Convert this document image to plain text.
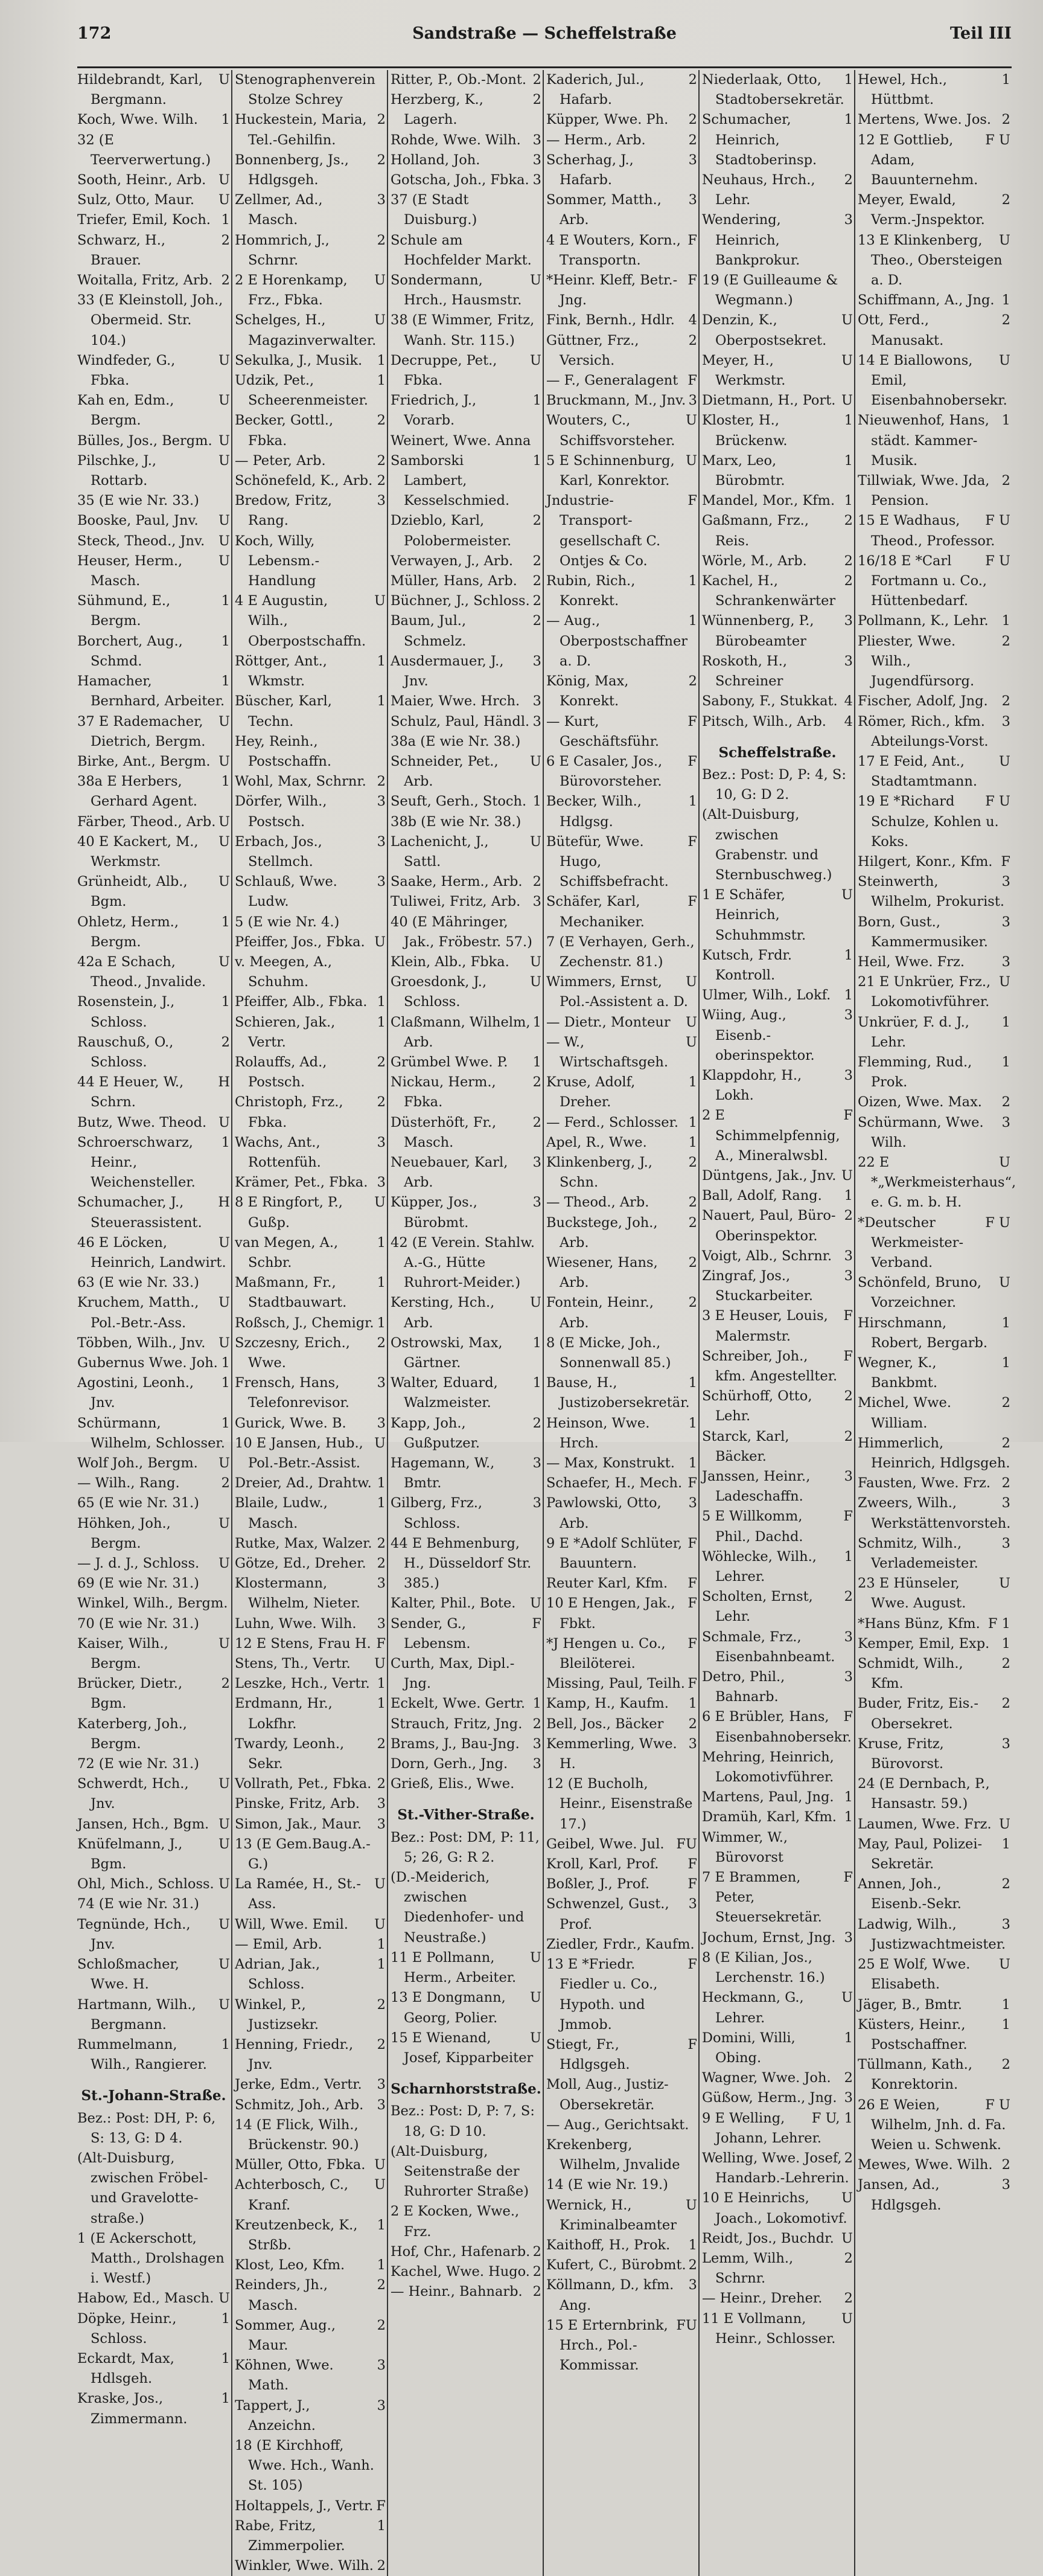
172	Sandstraße — Scheffelstraße	Teil III
U
Hildebrandt, Karl, Bergmann.
1
Koch, Wwe. Wilh.
32 (E Teerverwertung.)
U
Sooth, Heinr., Arb.
U
Sulz, Otto, Maur.
1
Triefer, Emil, Koch.
2
Schwarz, H., Brauer.
2
Woitalla, Fritz, Arb.
33 (E Kleinstoll, Joh., Obermeid. Str. 104.)
U
Windfeder, G., Fbka.
U
Kah en, Edm., Bergm.
U
Bülles, Jos., Bergm.
U
Pilschke, J., Rottarb.
35 (E wie Nr. 33.)
U
Booske, Paul, Jnv.
U
Steck, Theod., Jnv.
U
Heuser, Herm., Masch.
1
Sühmund, E., Bergm.
1
Borchert, Aug., Schmd.
1
Hamacher, Bernhard, Arbeiter.
U
37 E Rademacher, Dietrich, Bergm.
U
Birke, Ant., Bergm.
1
38a E Herbers, Gerhard Agent.
U
Färber, Theod., Arb.
U
40 E Kackert, M., Werkmstr.
U
Grünheidt, Alb., Bgm.
1
Ohletz, Herm., Bergm.
U
42a E Schach, Theod., Jnvalide.
1
Rosenstein, J., Schloss.
2
Rauschuß, O., Schloss.
H
44 E Heuer, W., Schrn.
U
Butz, Wwe. Theod.
1
Schroerschwarz, Heinr., Weichensteller.
H
Schumacher, J., Steuerassistent.
U
46 E Löcken, Heinrich, Landwirt.
63 (E wie Nr. 33.)
U
Kruchem, Matth., Pol.-Betr.-Ass.
U
Többen, Wilh., Jnv.
1
Gubernus Wwe. Joh.
1
Agostini, Leonh., Jnv.
1
Schürmann, Wilhelm, Schlosser.
U
Wolf Joh., Bergm.
2
— Wilh., Rang.
65 (E wie Nr. 31.)
U
Höhken, Joh., Bergm.
U
— J. d. J., Schloss.
69 (E wie Nr. 31.)
Winkel, Wilh., Bergm.
70 (E wie Nr. 31.)
U
Kaiser, Wilh., Bergm.
2
Brücker, Dietr., Bgm.
Katerberg, Joh., Bergm.
72 (E wie Nr. 31.)
U
Schwerdt, Hch., Jnv.
U
Jansen, Hch., Bgm.
U
Knüfelmann, J., Bgm.
U
Ohl, Mich., Schloss.
74 (E wie Nr. 31.)
U
Tegnünde, Hch., Jnv.
U
Schloßmacher, Wwe. H.
U
Hartmann, Wilh., Bergmann.
1
Rummelmann, Wilh., Rangierer.
St.-Johann-Straße.
Bez.: Post: DH, P: 6, S: 13, G: D 4.
(Alt-Duisburg, zwischen Fröbel- und Gravelotte-straße.)
1 (E Ackerschott, Matth., Drolshagen i. Westf.)
U
Habow, Ed., Masch.
1
Döpke, Heinr., Schloss.
1
Eckardt, Max, Hdlsgeh.
1
Kraske, Jos., Zimmermann.
Stenographenverein Stolze Schrey
2
Huckestein, Maria, Tel.-Gehilfin.
2
Bonnenberg, Js., Hdlgsgeh.
3
Zellmer, Ad., Masch.
2
Hommrich, J., Schrnr.
U
2 E Horenkamp, Frz., Fbka.
U
Schelges, H., Magazinverwalter.
1
Sekulka, J., Musik.
1
Udzik, Pet., Scheerenmeister.
2
Becker, Gottl., Fbka.
2
— Peter, Arb.
2
Schönefeld, K., Arb.
3
Bredow, Fritz, Rang.
Koch, Willy, Lebensm.-Handlung
U
4 E Augustin, Wilh., Oberpostschaffn.
1
Röttger, Ant., Wkmstr.
1
Büscher, Karl, Techn.
Hey, Reinh., Postschaffn.
2
Wohl, Max, Schrnr.
3
Dörfer, Wilh., Postsch.
3
Erbach, Jos., Stellmch.
3
Schlauß, Wwe. Ludw.
5 (E wie Nr. 4.)
U
Pfeiffer, Jos., Fbka.
v. Meegen, A., Schuhm.
1
Pfeiffer, Alb., Fbka.
1
Schieren, Jak., Vertr.
2
Rolauffs, Ad., Postsch.
2
Christoph, Frz., Fbka.
3
Wachs, Ant., Rottenfüh.
3
Krämer, Pet., Fbka.
U
8 E Ringfort, P., Gußp.
1
van Megen, A., Schbr.
1
Maßmann, Fr., Stadtbauwart.
1
Roßsch, J., Chemigr.
2
Szczesny, Erich., Wwe.
3
Frensch, Hans, Telefonrevisor.
3
Gurick, Wwe. B.
U
10 E Jansen, Hub., Pol.-Betr.-Assist.
1
Dreier, Ad., Drahtw.
1
Blaile, Ludw., Masch.
2
Rutke, Max, Walzer.
2
Götze, Ed., Dreher.
3
Klostermann, Wilhelm, Nieter.
3
Luhn, Wwe. Wilh.
F
12 E Stens, Frau H.
U
Stens, Th., Vertr.
1
Leszke, Hch., Vertr.
1
Erdmann, Hr., Lokfhr.
2
Twardy, Leonh., Sekr.
2
Vollrath, Pet., Fbka.
3
Pinske, Fritz, Arb.
3
Simon, Jak., Maur.
13 (E Gem.Baug.A.-G.)
U
La Ramée, H., St.-Ass.
U
Will, Wwe. Emil.
1
— Emil, Arb.
1
Adrian, Jak., Schloss.
2
Winkel, P., Justizsekr.
2
Henning, Friedr., Jnv.
3
Jerke, Edm., Vertr.
3
Schmitz, Joh., Arb.
14 (E Flick, Wilh., Brückenstr. 90.)
U
Müller, Otto, Fbka.
U
Achterbosch, C., Kranf.
1
Kreutzenbeck, K., Strßb.
1
Klost, Leo, Kfm.
2
Reinders, Jh., Masch.
2
Sommer, Aug., Maur.
3
Köhnen, Wwe. Math.
3
Tappert, J., Anzeichn.
18 (E Kirchhoff, Wwe. Hch., Wanh. St. 105)
F
Holtappels, J., Vertr.
1
Rabe, Fritz, Zimmerpolier.
2
Winkler, Wwe. Wilh.
2
Ritter, P., Ob.-Mont.
2
Herzberg, K., Lagerh.
3
Rohde, Wwe. Wilh.
3
Holland, Joh.
3
Gotscha, Joh., Fbka.
37 (E Stadt Duisburg.)
Schule am Hochfelder Markt.
U
Sondermann, Hrch., Hausmstr.
38 (E Wimmer, Fritz, Wanh. Str. 115.)
U
Decruppe, Pet., Fbka.
1
Friedrich, J., Vorarb.
Weinert, Wwe. Anna
1
Samborski Lambert, Kesselschmied.
2
Dzieblo, Karl, Polobermeister.
2
Verwayen, J., Arb.
2
Müller, Hans, Arb.
2
Büchner, J., Schloss.
2
Baum, Jul., Schmelz.
3
Ausdermauer, J., Jnv.
3
Maier, Wwe. Hrch.
3
Schulz, Paul, Händl.
38a (E wie Nr. 38.)
U
Schneider, Pet., Arb.
1
Seuft, Gerh., Stoch.
38b (E wie Nr. 38.)
U
Lachenicht, J., Sattl.
2
Saake, Herm., Arb.
3
Tuliwei, Fritz, Arb.
40 (E Mähringer, Jak., Fröbestr. 57.)
U
Klein, Alb., Fbka.
U
Groesdonk, J., Schloss.
1
Claßmann, Wilhelm, Arb.
1
Grümbel Wwe. P.
2
Nickau, Herm., Fbka.
2
Düsterhöft, Fr., Masch.
3
Neuebauer, Karl, Arb.
3
Küpper, Jos., Bürobmt.
42 (E Verein. Stahlw. A.-G., Hütte Ruhrort-Meider.)
U
Kersting, Hch., Arb.
1
Ostrowski, Max, Gärtner.
1
Walter, Eduard, Walzmeister.
2
Kapp, Joh., Gußputzer.
3
Hagemann, W., Bmtr.
3
Gilberg, Frz., Schloss.
44 E Behmenburg, H., Düsseldorf Str. 385.)
U
Kalter, Phil., Bote.
F
Sender, G., Lebensm.
Curth, Max, Dipl.-Jng.
1
Eckelt, Wwe. Gertr.
2
Strauch, Fritz, Jng.
3
Brams, J., Bau-Jng.
3
Dorn, Gerh., Jng.
Grieß, Elis., Wwe.
St.-Vither-Straße.
Bez.: Post: DM, P: 11, 5; 26, G: R 2.
(D.-Meiderich, zwischen Diedenhofer- und Neustraße.)
U
11 E Pollmann, Herm., Arbeiter.
U
13 E Dongmann, Georg, Polier.
U
15 E Wienand, Josef, Kipparbeiter
Scharnhorststraße.
Bez.: Post: D, P: 7, S: 18, G: D 10.
(Alt-Duisburg, Seitenstraße der Ruhrorter Straße)
2 E Kocken, Wwe., Frz.
2
Hof, Chr., Hafenarb.
2
Kachel, Wwe. Hugo.
2
— Heinr., Bahnarb.
2
Kaderich, Jul., Hafarb.
2
Küpper, Wwe. Ph.
2
— Herm., Arb.
3
Scherhag, J., Hafarb.
3
Sommer, Matth., Arb.
F
4 E Wouters, Korn., Transportn.
F
*Heinr. Kleff, Betr.-Jng.
4
Fink, Bernh., Hdlr.
2
Güttner, Frz., Versich.
F
— F., Generalagent
3
Bruckmann, M., Jnv.
U
Wouters, C., Schiffsvorsteher.
U
5 E Schinnenburg, Karl, Konrektor.
F
Jndustrie-Transport-gesellschaft C. Ontjes & Co.
1
Rubin, Rich., Konrekt.
1
— Aug., Oberpostschaffner a. D.
2
König, Max, Konrekt.
F
— Kurt, Geschäftsführ.
F
6 E Casaler, Jos., Bürovorsteher.
1
Becker, Wilh., Hdlgsg.
F
Bütefür, Wwe. Hugo, Schiffsbefracht.
F
Schäfer, Karl, Mechaniker.
7 (E Verhayen, Gerh., Zechenstr. 81.)
U
Wimmers, Ernst, Pol.-Assistent a. D.
U
— Dietr., Monteur
U
— W., Wirtschaftsgeh.
1
Kruse, Adolf, Dreher.
1
— Ferd., Schlosser.
1
Apel, R., Wwe.
2
Klinkenberg, J., Schn.
2
— Theod., Arb.
2
Buckstege, Joh., Arb.
2
Wiesener, Hans, Arb.
2
Fontein, Heinr., Arb.
8 (E Micke, Joh., Sonnenwall 85.)
1
Bause, H., Justizobersekretär.
1
Heinson, Wwe. Hrch.
1
— Max, Konstrukt.
F
Schaefer, H., Mech.
3
Pawlowski, Otto, Arb.
F
9 E *Adolf Schlüter, Bauuntern.
F
Reuter Karl, Kfm.
F
10 E Hengen, Jak., Fbkt.
F
*J Hengen u. Co., Bleilöterei.
F
Missing, Paul, Teilh.
1
Kamp, H., Kaufm.
2
Bell, Jos., Bäcker
3
Kemmerling, Wwe. H.
12 (E Bucholh, Heinr., Eisenstraße 17.)
FU
Geibel, Wwe. Jul.
F
Kroll, Karl, Prof.
F
Boßler, J., Prof.
3
Schwenzel, Gust., Prof.
Ziedler, Frdr., Kaufm.
F
13 E *Friedr. Fiedler u. Co., Hypoth. und Jmmob.
F
Stiegt, Fr., Hdlgsgeh.
Moll, Aug., Justiz-Obersekretär.
— Aug., Gerichtsakt.
Krekenberg, Wilhelm, Jnvalide
14 (E wie Nr. 19.)
U
Wernick, H., Kriminalbeamter
1
Kaithoff, H., Prok.
2
Kufert, C., Bürobmt.
3
Köllmann, D., kfm. Ang.
FU
15 E Erternbrink, Hrch., Pol.-Kommissar.
1
Niederlaak, Otto, Stadtobersekretär.
1
Schumacher, Heinrich, Stadtoberinsp.
2
Neuhaus, Hrch., Lehr.
3
Wendering, Heinrich, Bankprokur.
19 (E Guilleaume & Wegmann.)
U
Denzin, K., Oberpostsekret.
U
Meyer, H., Werkmstr.
U
Dietmann, H., Port.
1
Kloster, H., Brückenw.
1
Marx, Leo, Bürobmtr.
1
Mandel, Mor., Kfm.
2
Gaßmann, Frz., Reis.
2
Wörle, M., Arb.
2
Kachel, H., Schrankenwärter
3
Wünnenberg, P., Bürobeamter
3
Roskoth, H., Schreiner
4
Sabony, F., Stukkat.
4
Pitsch, Wilh., Arb.
Scheffelstraße.
Bez.: Post: D, P: 4, S: 10, G: D 2.
(Alt-Duisburg, zwischen Grabenstr. und Sternbuschweg.)
U
1 E Schäfer, Heinrich, Schuhmmstr.
1
Kutsch, Frdr. Kontroll.
1
Ulmer, Wilh., Lokf.
3
Wiing, Aug., Eisenb.-oberinspektor.
3
Klappdohr, H., Lokh.
F
2 E Schimmelpfennig, A., Mineralwsbl.
U
Düntgens, Jak., Jnv.
1
Ball, Adolf, Rang.
2
Nauert, Paul, Büro-Oberinspektor.
3
Voigt, Alb., Schrnr.
3
Zingraf, Jos., Stuckarbeiter.
F
3 E Heuser, Louis, Malermstr.
F
Schreiber, Joh., kfm. Angestellter.
2
Schürhoff, Otto, Lehr.
2
Starck, Karl, Bäcker.
3
Janssen, Heinr., Ladeschaffn.
F
5 E Willkomm, Phil., Dachd.
1
Wöhlecke, Wilh., Lehrer.
2
Scholten, Ernst, Lehr.
3
Schmale, Frz., Eisenbahnbeamt.
3
Detro, Phil., Bahnarb.
F
6 E Brübler, Hans, Eisenbahnobersekr.
Mehring, Heinrich, Lokomotivführer.
1
Martens, Paul, Jng.
1
Dramüh, Karl, Kfm.
Wimmer, W., Bürovorst
F
7 E Brammen, Peter, Steuersekretär.
3
Jochum, Ernst, Jng.
8 (E Kilian, Jos., Lerchenstr. 16.)
U
Heckmann, G., Lehrer.
1
Domini, Willi, Obing.
2
Wagner, Wwe. Joh.
3
Güßow, Herm., Jng.
F U, 1
9 E Welling, Johann, Lehrer.
2
Welling, Wwe. Josef, Handarb.-Lehrerin.
U
10 E Heinrichs, Joach., Lokomotivf.
U
Reidt, Jos., Buchdr.
2
Lemm, Wilh., Schrnr.
2
— Heinr., Dreher.
U
11 E Vollmann, Heinr., Schlosser.
1
Hewel, Hch., Hüttbmt.
2
Mertens, Wwe. Jos.
F U
12 E Gottlieb, Adam, Bauunternehm.
2
Meyer, Ewald, Verm.-Jnspektor.
U
13 E Klinkenberg, Theo., Obersteigen a. D.
1
Schiffmann, A., Jng.
2
Ott, Ferd., Manusakt.
U
14 E Biallowons, Emil, Eisenbahnobersekr.
1
Nieuwenhof, Hans, städt. Kammer-Musik.
2
Tillwiak, Wwe. Jda, Pension.
F U
15 E Wadhaus, Theod., Professor.
F U
16/18 E *Carl Fortmann u. Co., Hüttenbedarf.
1
Pollmann, K., Lehr.
2
Pliester, Wwe. Wilh., Jugendfürsorg.
2
Fischer, Adolf, Jng.
3
Römer, Rich., kfm. Abteilungs-Vorst.
U
17 E Feid, Ant., Stadtamtmann.
F U
19 E *Richard Schulze, Kohlen u. Koks.
F
Hilgert, Konr., Kfm.
3
Steinwerth, Wilhelm, Prokurist.
3
Born, Gust., Kammermusiker.
3
Heil, Wwe. Frz.
U
21 E Unkrüer, Frz., Lokomotivführer.
1
Unkrüer, F. d. J., Lehr.
1
Flemming, Rud., Prok.
2
Oizen, Wwe. Max.
3
Schürmann, Wwe. Wilh.
U
22 E *„Werkmeisterhaus“, e. G. m. b. H.
F U
*Deutscher Werkmeister-Verband.
U
Schönfeld, Bruno, Vorzeichner.
1
Hirschmann, Robert, Bergarb.
1
Wegner, K., Bankbmt.
2
Michel, Wwe. William.
2
Himmerlich, Heinrich, Hdlgsgeh.
2
Fausten, Wwe. Frz.
3
Zweers, Wilh., Werkstättenvorsteh.
3
Schmitz, Wilh., Verlademeister.
U
23 E Hünseler, Wwe. August.
F 1
*Hans Bünz, Kfm.
1
Kemper, Emil, Exp.
2
Schmidt, Wilh., Kfm.
2
Buder, Fritz, Eis.-Obersekret.
3
Kruse, Fritz, Bürovorst.
24 (E Dernbach, P., Hansastr. 59.)
U
Laumen, Wwe. Frz.
1
May, Paul, Polizei-Sekretär.
2
Annen, Joh., Eisenb.-Sekr.
3
Ladwig, Wilh., Justizwachtmeister.
U
25 E Wolf, Wwe. Elisabeth.
1
Jäger, B., Bmtr.
1
Küsters, Heinr., Postschaffner.
2
Tüllmann, Kath., Konrektorin.
F U
26 E Weien, Wilhelm, Jnh. d. Fa. Weien u. Schwenk.
2
Mewes, Wwe. Wilh.
3
Jansen, Ad., Hdlgsgeh.
